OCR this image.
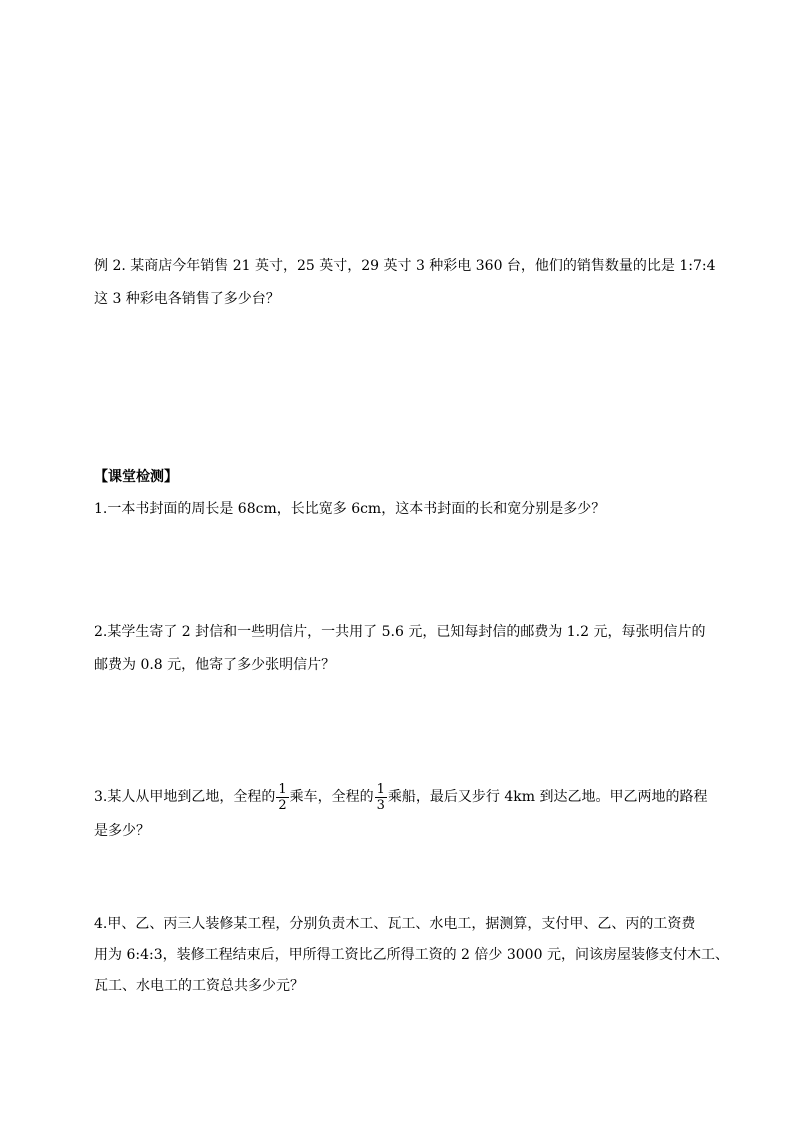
例 2. 某商店今年销售 21 英寸，25 英寸，29 英寸 3 种彩电 360 台，他们的销售数量的比是 1:7:4
这 3 种彩电各销售了多少台？
【课堂检测】
1.一本书封面的周长是 68cm，长比宽多 6cm，这本书封面的长和宽分别是多少？
2.某学生寄了 2 封信和一些明信片，一共用了 5.6 元，已知每封信的邮费为 1.2 元，每张明信片的
邮费为 0.8 元，他寄了多少张明信片？
3.某人从甲地到乙地，全程的 $\frac{1}{2}$ 乘车，全程的 $\frac{1}{3}$ 乘船，最后又步行 4km 到达乙地。甲乙两地的路程
是多少？
4.甲、乙、丙三人装修某工程，分别负责木工、瓦工、水电工，据测算，支付甲、乙、丙的工资费
用为 6:4:3，装修工程结束后，甲所得工资比乙所得工资的 2 倍少 3000 元，问该房屋装修支付木工、
瓦工、水电工的工资总共多少元？
